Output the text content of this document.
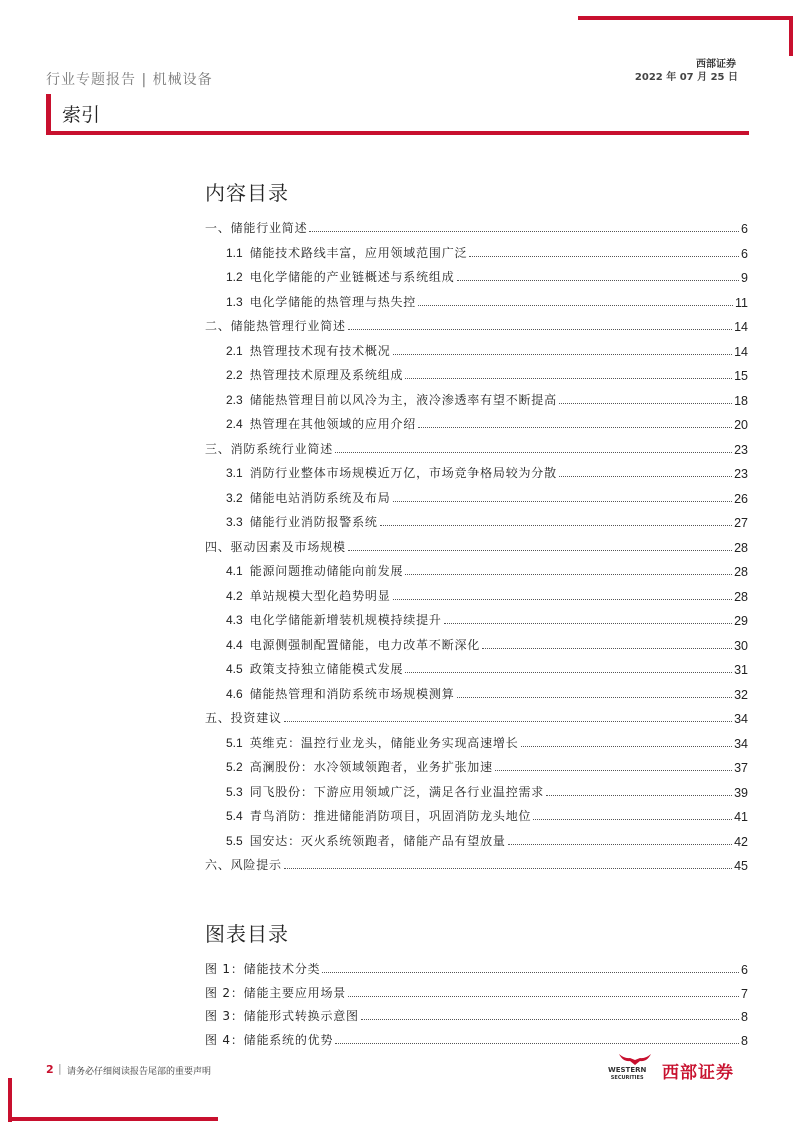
行业专题报告 | 机械设备
西部证券
2022 年 07 月 25 日
索引
内容目录
一、储能行业简述	6
1.1 储能技术路线丰富，应用领域范围广泛	6
1.2 电化学储能的产业链概述与系统组成	9
1.3 电化学储能的热管理与热失控	11
二、储能热管理行业简述	14
2.1 热管理技术现有技术概况	14
2.2 热管理技术原理及系统组成	15
2.3 储能热管理目前以风冷为主，液冷渗透率有望不断提高	18
2.4 热管理在其他领域的应用介绍	20
三、消防系统行业简述	23
3.1 消防行业整体市场规模近万亿，市场竞争格局较为分散	23
3.2 储能电站消防系统及布局	26
3.3 储能行业消防报警系统	27
四、驱动因素及市场规模	28
4.1 能源问题推动储能向前发展	28
4.2 单站规模大型化趋势明显	28
4.3 电化学储能新增装机规模持续提升	29
4.4 电源侧强制配置储能，电力改革不断深化	30
4.5 政策支持独立储能模式发展	31
4.6 储能热管理和消防系统市场规模测算	32
五、投资建议	34
5.1 英维克：温控行业龙头，储能业务实现高速增长	34
5.2 高澜股份：水冷领域领跑者，业务扩张加速	37
5.3 同飞股份：下游应用领域广泛，满足各行业温控需求	39
5.4 青鸟消防：推进储能消防项目，巩固消防龙头地位	41
5.5 国安达：灭火系统领跑者，储能产品有望放量	42
六、风险提示	45
图表目录
图 1：储能技术分类	6
图 2：储能主要应用场景	7
图 3：储能形式转换示意图	8
图 4：储能系统的优势	8
2 | 请务必仔细阅读报告尾部的重要声明	WESTERN
SECURITIES 西部证券
